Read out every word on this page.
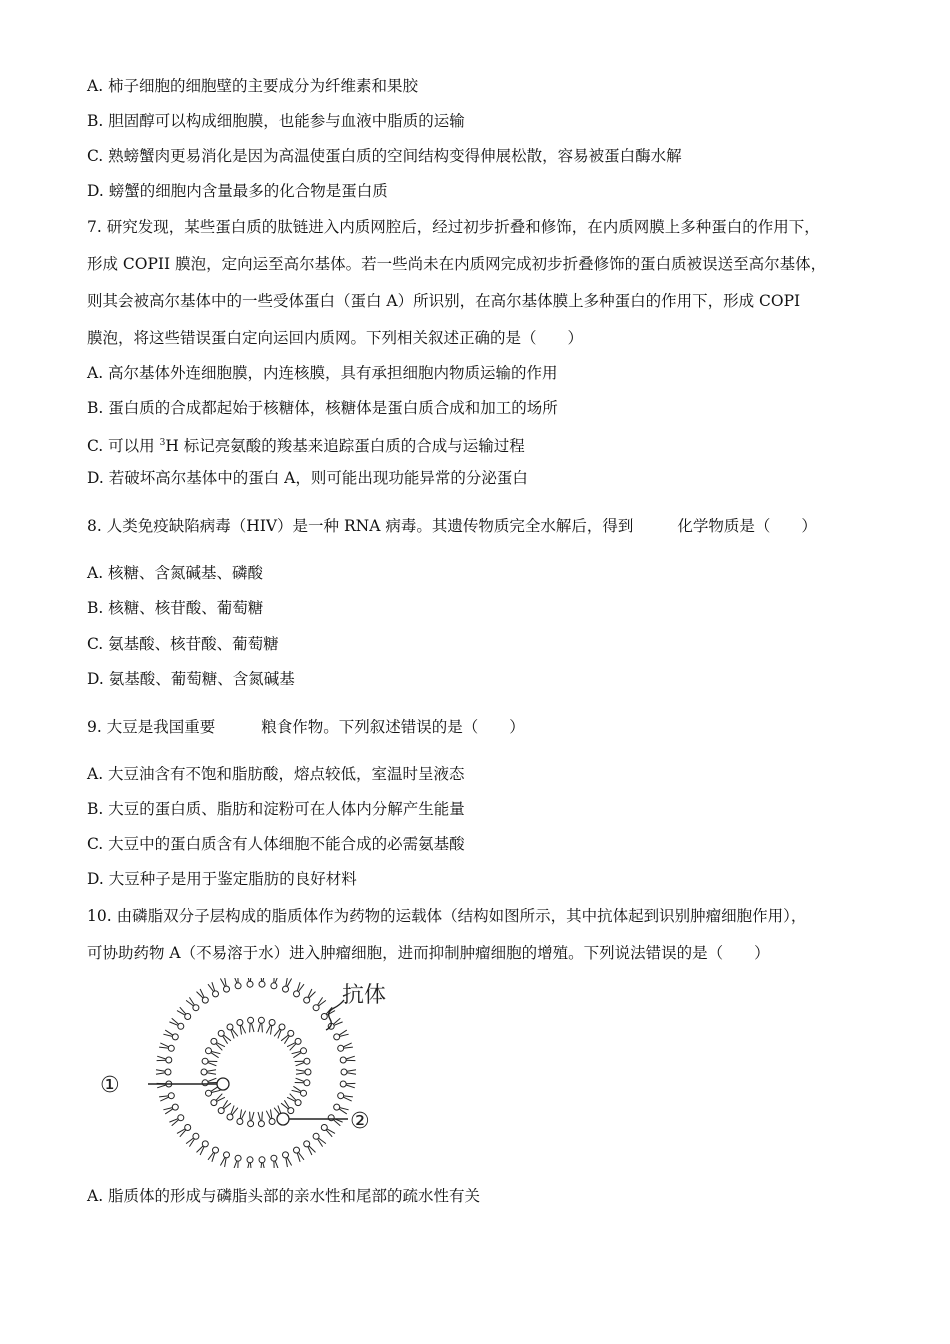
A. 柿子细胞的细胞壁的主要成分为纤维素和果胶
B. 胆固醇可以构成细胞膜，也能参与血液中脂质的运输
C. 熟螃蟹肉更易消化是因为高温使蛋白质的空间结构变得伸展松散，容易被蛋白酶水解
D. 螃蟹的细胞内含量最多的化合物是蛋白质
7. 研究发现，某些蛋白质的肽链进入内质网腔后，经过初步折叠和修饰，在内质网膜上多种蛋白的作用下，
形成 COPII 膜泡，定向运至高尔基体。若一些尚未在内质网完成初步折叠修饰的蛋白质被误送至高尔基体，
则其会被高尔基体中的一些受体蛋白（蛋白 A）所识别，在高尔基体膜上多种蛋白的作用下，形成 COPI
膜泡，将这些错误蛋白定向运回内质网。下列相关叙述正确的是（　　）
A. 高尔基体外连细胞膜，内连核膜，具有承担细胞内物质运输的作用
B. 蛋白质的合成都起始于核糖体，核糖体是蛋白质合成和加工的场所
C. 可以用 $^3$H 标记亮氨酸的羧基来追踪蛋白质的合成与运输过程
D. 若破坏高尔基体中的蛋白 A，则可能出现功能异常的分泌蛋白
8. 人类免疫缺陷病毒（HIV）是一种 RNA 病毒。其遗传物质完全水解后，得到	化学物质是（　　）
A. 核糖、含氮碱基、磷酸
B. 核糖、核苷酸、葡萄糖
C. 氨基酸、核苷酸、葡萄糖
D. 氨基酸、葡萄糖、含氮碱基
9. 大豆是我国重要	粮食作物。下列叙述错误的是（　　）
A. 大豆油含有不饱和脂肪酸，熔点较低，室温时呈液态
B. 大豆的蛋白质、脂肪和淀粉可在人体内分解产生能量
C. 大豆中的蛋白质含有人体细胞不能合成的必需氨基酸
D. 大豆种子是用于鉴定脂肪的良好材料
10. 由磷脂双分子层构成的脂质体作为药物的运载体（结构如图所示，其中抗体起到识别肿瘤细胞作用），
可协助药物 A（不易溶于水）进入肿瘤细胞，进而抑制肿瘤细胞的增殖。下列说法错误的是（　　）
抗体
①
②
A. 脂质体的形成与磷脂头部的亲水性和尾部的疏水性有关
